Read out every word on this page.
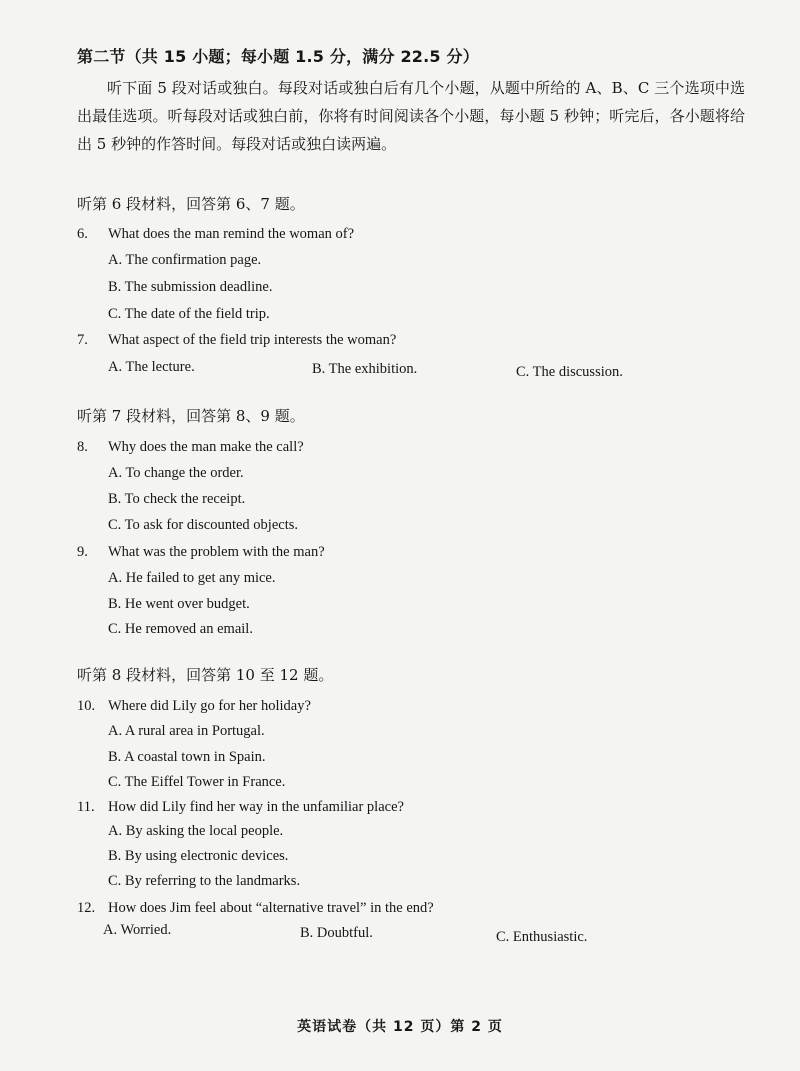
第二节（共 15 小题；每小题 1.5 分，满分 22.5 分）
听下面 5 段对话或独白。每段对话或独白后有几个小题，从题中所给的 A、B、C 三个选项中选出最佳选项。听每段对话或独白前，你将有时间阅读各个小题，每小题 5 秒钟；听完后，各小题将给出 5 秒钟的作答时间。每段对话或独白读两遍。
听第 6 段材料，回答第 6、7 题。
6. What does the man remind the woman of?
A. The confirmation page.
B. The submission deadline.
C. The date of the field trip.
7. What aspect of the field trip interests the woman?
A. The lecture.	B. The exhibition.	C. The discussion.
听第 7 段材料，回答第 8、9 题。
8. Why does the man make the call?
A. To change the order.
B. To check the receipt.
C. To ask for discounted objects.
9. What was the problem with the man?
A. He failed to get any mice.
B. He went over budget.
C. He removed an email.
听第 8 段材料，回答第 10 至 12 题。
10. Where did Lily go for her holiday?
A. A rural area in Portugal.
B. A coastal town in Spain.
C. The Eiffel Tower in France.
11. How did Lily find her way in the unfamiliar place?
A. By asking the local people.
B. By using electronic devices.
C. By referring to the landmarks.
12. How does Jim feel about “alternative travel” in the end?
A. Worried.	B. Doubtful.	C. Enthusiastic.
英语试卷（共 12 页）第 2 页
